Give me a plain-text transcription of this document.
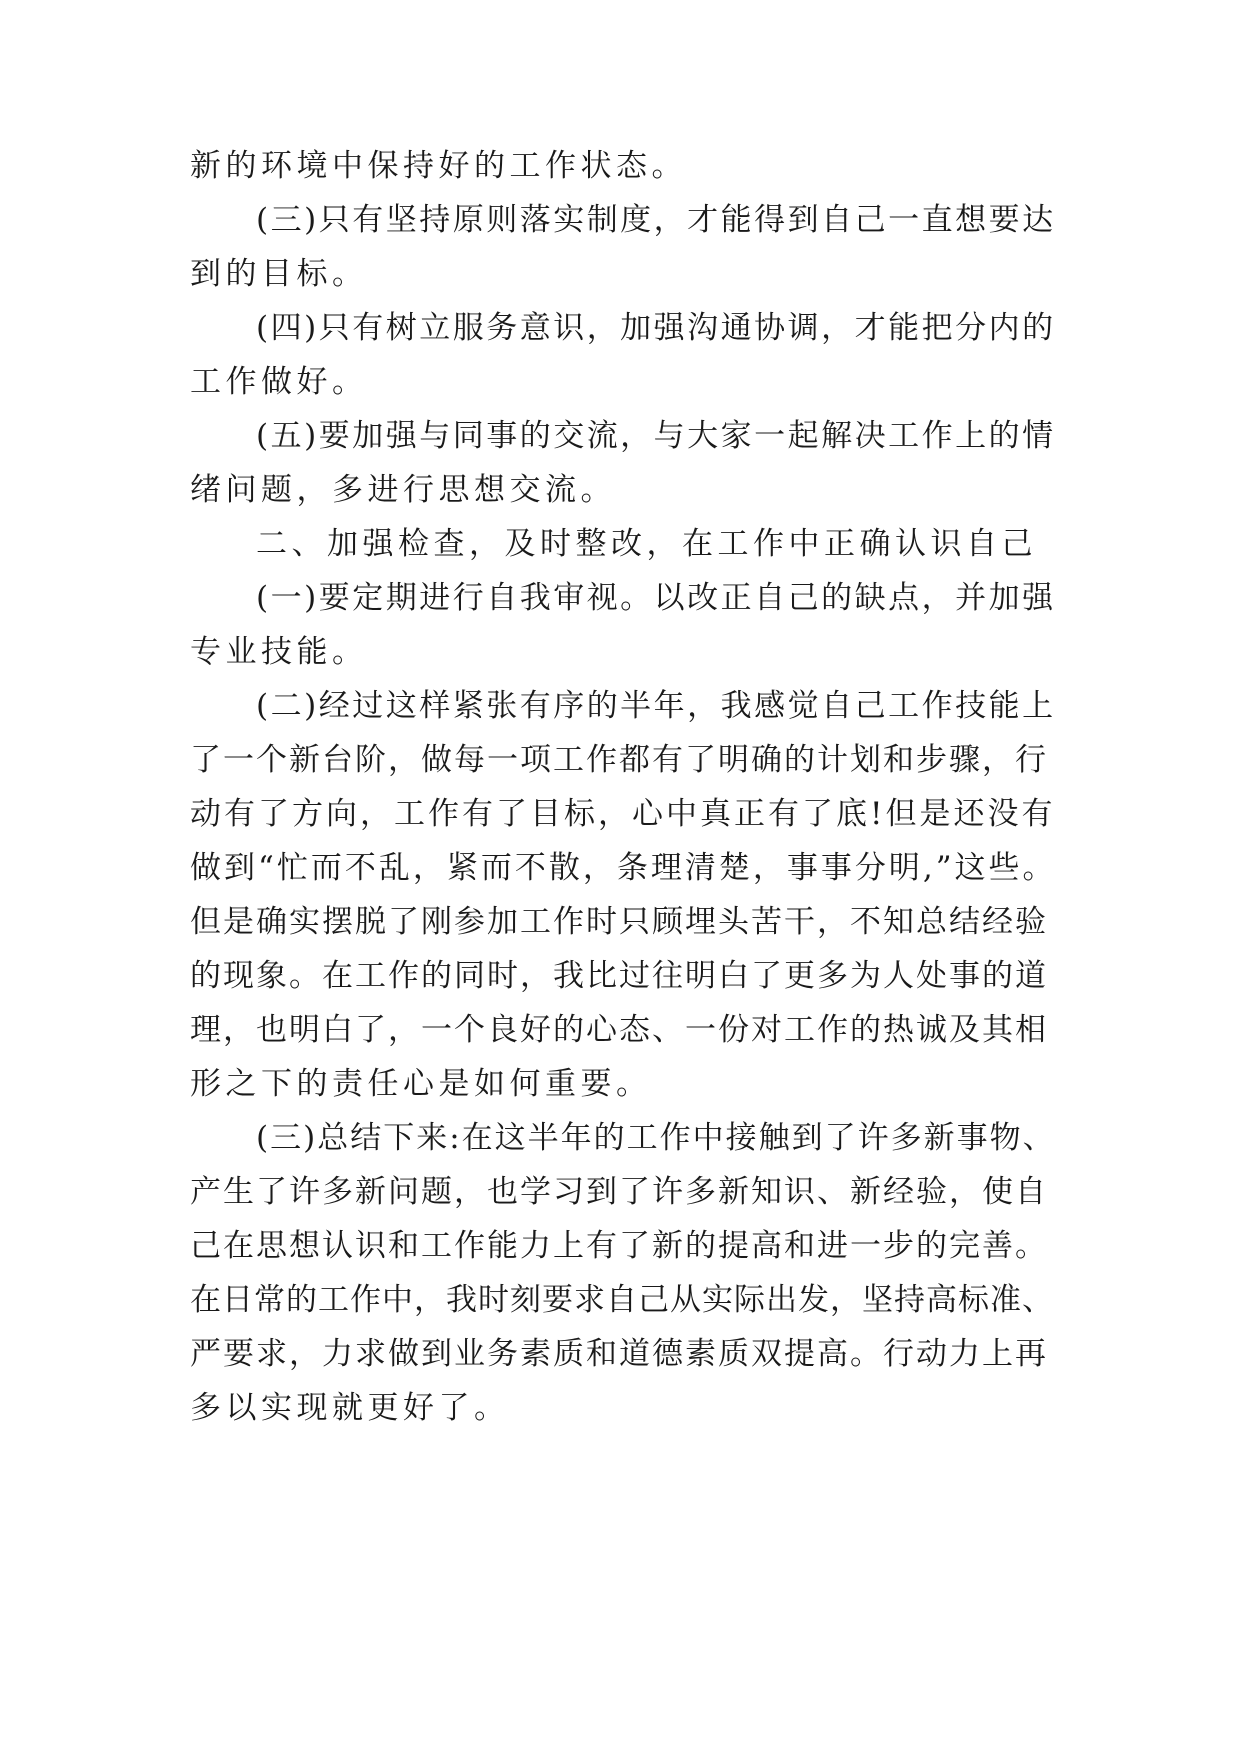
新的环境中保持好的工作状态。
(三)只有坚持原则落实制度，才能得到自己一直想要达
到的目标。
(四)只有树立服务意识，加强沟通协调，才能把分内的
工作做好。
(五)要加强与同事的交流，与大家一起解决工作上的情
绪问题，多进行思想交流。
二、加强检查，及时整改，在工作中正确认识自己
(一)要定期进行自我审视。以改正自己的缺点，并加强
专业技能。
(二)经过这样紧张有序的半年，我感觉自己工作技能上
了一个新台阶，做每一项工作都有了明确的计划和步骤，行
动有了方向，工作有了目标，心中真正有了底!但是还没有
做到“忙而不乱，紧而不散，条理清楚，事事分明,”这些。
但是确实摆脱了刚参加工作时只顾埋头苦干，不知总结经验
的现象。在工作的同时，我比过往明白了更多为人处事的道
理，也明白了，一个良好的心态、一份对工作的热诚及其相
形之下的责任心是如何重要。
(三)总结下来:在这半年的工作中接触到了许多新事物、
产生了许多新问题，也学习到了许多新知识、新经验，使自
己在思想认识和工作能力上有了新的提高和进一步的完善。
在日常的工作中，我时刻要求自己从实际出发，坚持高标准、
严要求，力求做到业务素质和道德素质双提高。行动力上再
多以实现就更好了。
